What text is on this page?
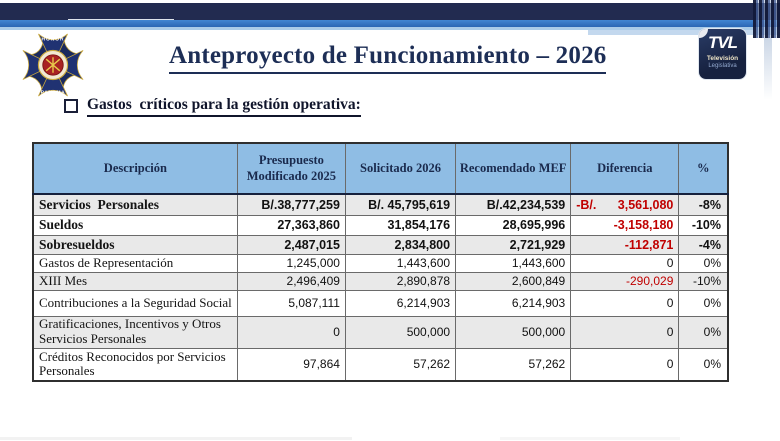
HONOR
PANAMA
TVL
Televisión
Legislativa
Anteproyecto de Funcionamiento – 2026
Gastos  críticos para la gestión operativa:
Descripción	Presupuesto Modificado 2025	Solicitado 2026	Recomendado MEF	Diferencia	%
Servicios  Personales	B/.38,777,259	B/. 45,795,619	B/.42,234,539	-B/. 3,561,080	-8%
Sueldos	27,363,860	31,854,176	28,695,996	-3,158,180	-10%
Sobresueldos	2,487,015	2,834,800	2,721,929	-112,871	-4%
Gastos de Representación	1,245,000	1,443,600	1,443,600	0	0%
XIII Mes	2,496,409	2,890,878	2,600,849	-290,029	-10%
Contribuciones a la Seguridad Social	5,087,111	6,214,903	6,214,903	0	0%
Gratificaciones, Incentivos y Otros Servicios Personales	0	500,000	500,000	0	0%
Créditos Reconocidos por Servicios Personales	97,864	57,262	57,262	0	0%
